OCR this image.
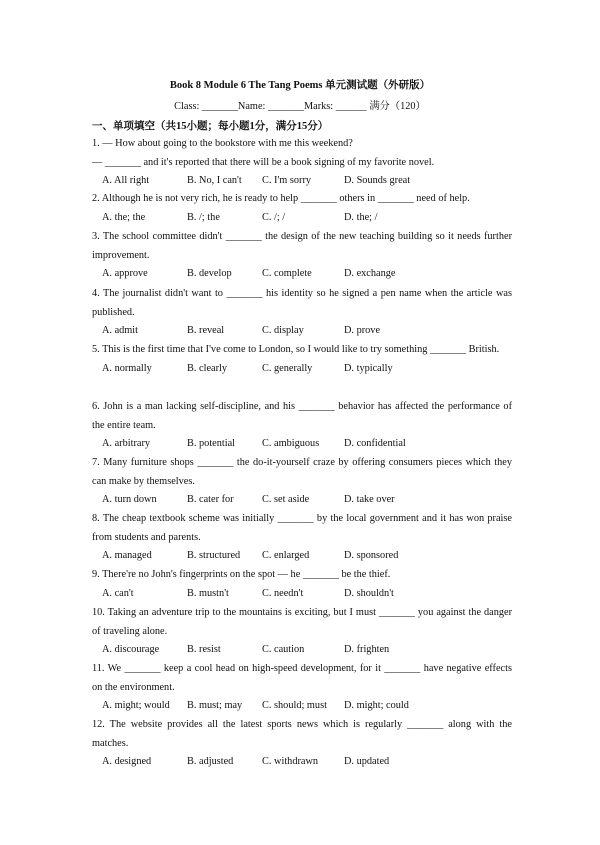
Book 8 Module 6 The Tang Poems 单元测试题（外研版）
Class: _______Name: _______Marks: ______ 满分（120）
一、单项填空（共15小题；每小题1分，满分15分）

1. — How about going to the bookstore with me this weekend?

— _______ and it's reported that there will be a book signing of my favorite novel.

A. All right	B. No, I can't C. I'm sorry	D. Sounds great

2. Although he is not very rich, he is ready to help _______ others in _______ need of help.

A. the; the	B. /; the	C. /; /	D. the; /

3. The school committee didn't _______ the design of the new teaching building so it needs further improvement.

A. approve	B. develop	C. complete	D. exchange

4. The journalist didn't want to _______ his identity so he signed a pen name when the article was published.

A. admit	B. reveal	C. display	D. prove

5. This is the first time that I've come to London, so I would like to try something _______ British.

A. normally	B. clearly	C. generally	D. typically

6. John is a man lacking self-discipline, and his _______ behavior has affected the performance of the entire team.

A. arbitrary	B. potential	C. ambiguous D. confidential

7. Many furniture shops _______ the do-it-yourself craze by offering consumers pieces which they can make by themselves.

A. turn down	B. cater for	C. set aside	D. take over

8. The cheap textbook scheme was initially _______ by the local government and it has won praise from students and parents.

A. managed	B. structured C. enlarged	D. sponsored

9. There're no John's fingerprints on the spot — he _______ be the thief.

A. can't	B. mustn't	C. needn't	D. shouldn't

10. Taking an adventure trip to the mountains is exciting, but I must _______ you against the danger of traveling alone.

A. discourage	B. resist	C. caution	D. frighten

11. We _______ keep a cool head on high-speed development, for it _______ have negative effects on the environment.

A. might; would B. must; may C. should; must D. might; could

12. The website provides all the latest sports news which is regularly _______ along with the matches.

A. designed	B. adjusted	C. withdrawn	D. updated
